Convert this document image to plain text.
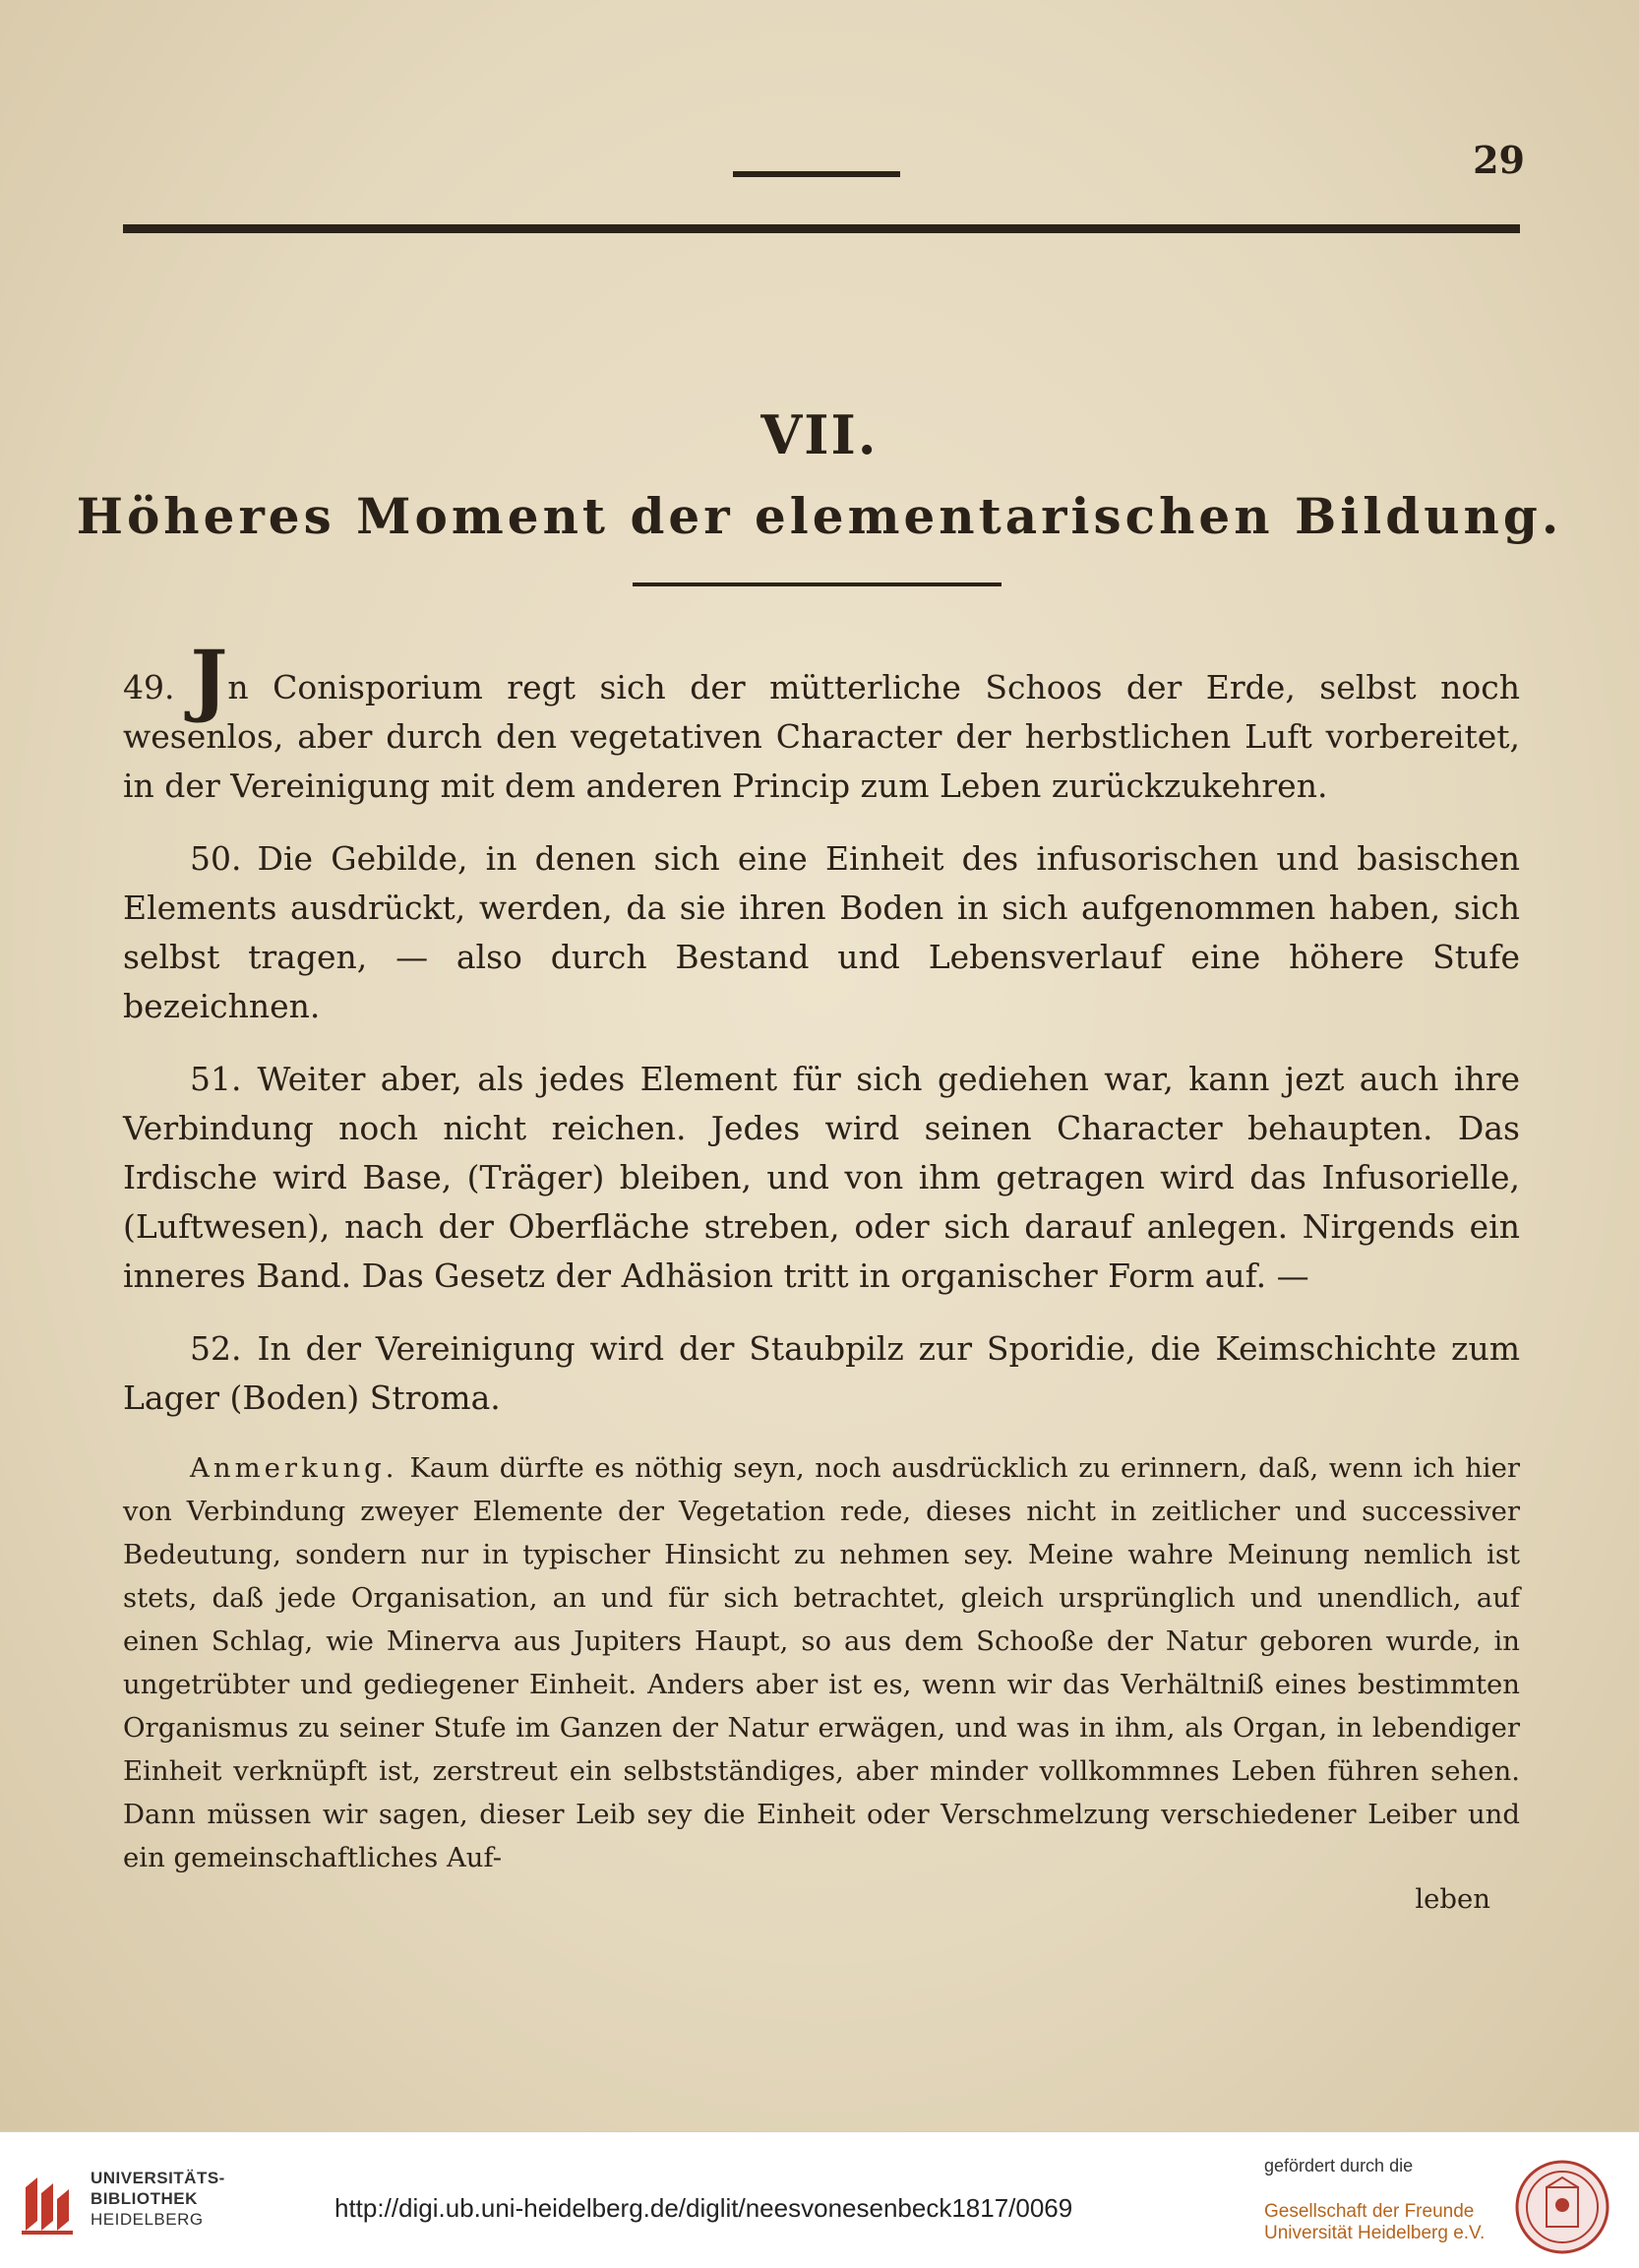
29
VII.
Höheres Moment der elementarischen Bildung.

49. Jn Conisporium regt sich der mütterliche Schoos der Erde, selbst noch wesenlos, aber durch den vegetativen Character der herbstlichen Luft vorbereitet, in der Vereinigung mit dem anderen Princip zum Leben zurückzukehren.

50. Die Gebilde, in denen sich eine Einheit des infusorischen und basischen Elements ausdrückt, werden, da sie ihren Boden in sich aufgenommen haben, sich selbst tragen, — also durch Bestand und Lebensverlauf eine höhere Stufe bezeichnen.

51. Weiter aber, als jedes Element für sich gediehen war, kann jezt auch ihre Verbindung noch nicht reichen. Jedes wird seinen Character behaupten. Das Irdische wird Base, (Träger) bleiben, und von ihm getragen wird das Infusorielle, (Luftwesen), nach der Oberfläche streben, oder sich darauf anlegen. Nirgends ein inneres Band. Das Gesetz der Adhäsion tritt in organischer Form auf. —

52. In der Vereinigung wird der Staubpilz zur Sporidie, die Keimschichte zum Lager (Boden) Stroma.

Anmerkung. Kaum dürfte es nöthig seyn, noch ausdrücklich zu erinnern, daß, wenn ich hier von Verbindung zweyer Elemente der Vegetation rede, dieses nicht in zeitlicher und successiver Bedeutung, sondern nur in typischer Hinsicht zu nehmen sey. Meine wahre Meinung nemlich ist stets, daß jede Organisation, an und für sich betrachtet, gleich ursprünglich und unendlich, auf einen Schlag, wie Minerva aus Jupiters Haupt, so aus dem Schooße der Natur geboren wurde, in ungetrübter und gediegener Einheit. Anders aber ist es, wenn wir das Verhältniß eines bestimmten Organismus zu seiner Stufe im Ganzen der Natur erwägen, und was in ihm, als Organ, in lebendiger Einheit verknüpft ist, zerstreut ein selbstständiges, aber minder vollkommnes Leben führen sehen. Dann müssen wir sagen, dieser Leib sey die Einheit oder Verschmelzung verschiedener Leiber und ein gemeinschaftliches Auf-
leben
UNIVERSITÄTS-
BIBLIOTHEK
HEIDELBERG	http://digi.ub.uni-heidelberg.de/diglit/neesvonesenbeck1817/0069
gefördert durch die
Gesellschaft der Freunde
Universität Heidelberg e.V.
